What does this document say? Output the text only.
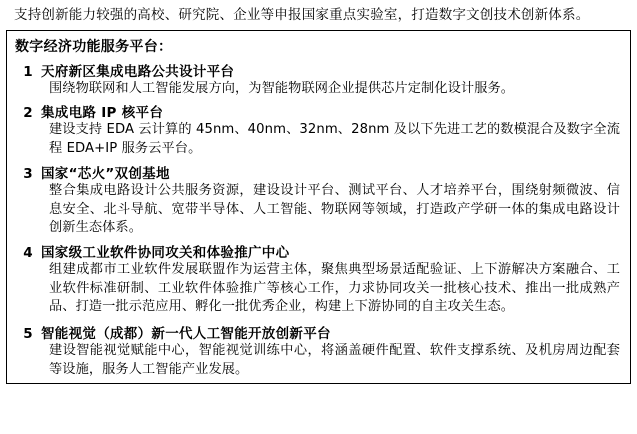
支持创新能力较强的高校、研究院、企业等申报国家重点实验室，打造数字文创技术创新体系。
数字经济功能服务平台：
1 天府新区集成电路公共设计平台
围绕物联网和人工智能发展方向，为智能物联网企业提供芯片定制化设计服务。
2 集成电路 IP 核平台
建设支持 EDA 云计算的 45nm、40nm、32nm、28nm 及以下先进工艺的数模混合及数字全流程 EDA+IP 服务云平台。
3 国家“芯火”双创基地
整合集成电路设计公共服务资源，建设设计平台、测试平台、人才培养平台，围绕射频微波、信息安全、北斗导航、宽带半导体、人工智能、物联网等领域，打造政产学研一体的集成电路设计创新生态体系。
4 国家级工业软件协同攻关和体验推广中心
组建成都市工业软件发展联盟作为运营主体，聚焦典型场景适配验证、上下游解决方案融合、工业软件标准研制、工业软件体验推广等核心工作，力求协同攻关一批核心技术、推出一批成熟产品、打造一批示范应用、孵化一批优秀企业，构建上下游协同的自主攻关生态。
5 智能视觉（成都）新一代人工智能开放创新平台
建设智能视觉赋能中心，智能视觉训练中心，将涵盖硬件配置、软件支撑系统、及机房周边配套等设施，服务人工智能产业发展。
